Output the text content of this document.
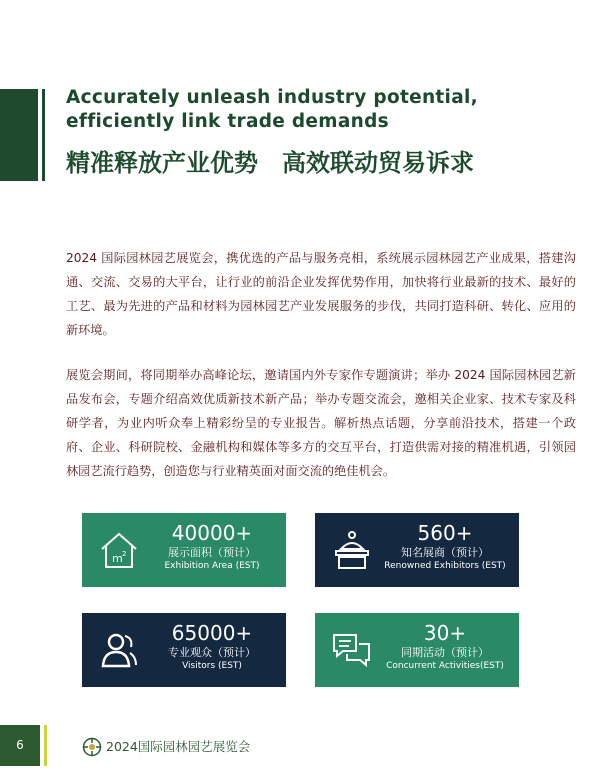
Accurately unleash industry potential,
efficiently link trade demands
精准释放产业优势　高效联动贸易诉求
2024 国际园林园艺展览会，携优选的产品与服务亮相，系统展示园林园艺产业成果，搭建沟通、交流、交易的大平台，让行业的前沿企业发挥优势作用，加快将行业最新的技术、最好的工艺、最为先进的产品和材料为园林园艺产业发展服务的步伐，共同打造科研、转化、应用的新环境。
展览会期间，将同期举办高峰论坛，邀请国内外专家作专题演讲；举办 2024 国际园林园艺新品发布会，专题介绍高效优质新技术新产品；举办专题交流会，邀相关企业家、技术专家及科研学者，为业内听众奉上精彩纷呈的专业报告。解析热点话题，分享前沿技术，搭建一个政府、企业、科研院校、金融机构和媒体等多方的交互平台，打造供需对接的精准机遇，引领园林园艺流行趋势，创造您与行业精英面对面交流的绝佳机会。
m 2
40000+
展示面积（预计）
Exhibition Area (EST)
560+
知名展商（预计）
Renowned Exhibitors (EST)
65000+
专业观众（预计）
Visitors (EST)
30+
同期活动（预计）
Concurrent Activities(EST)
6	2024国际园林园艺展览会
